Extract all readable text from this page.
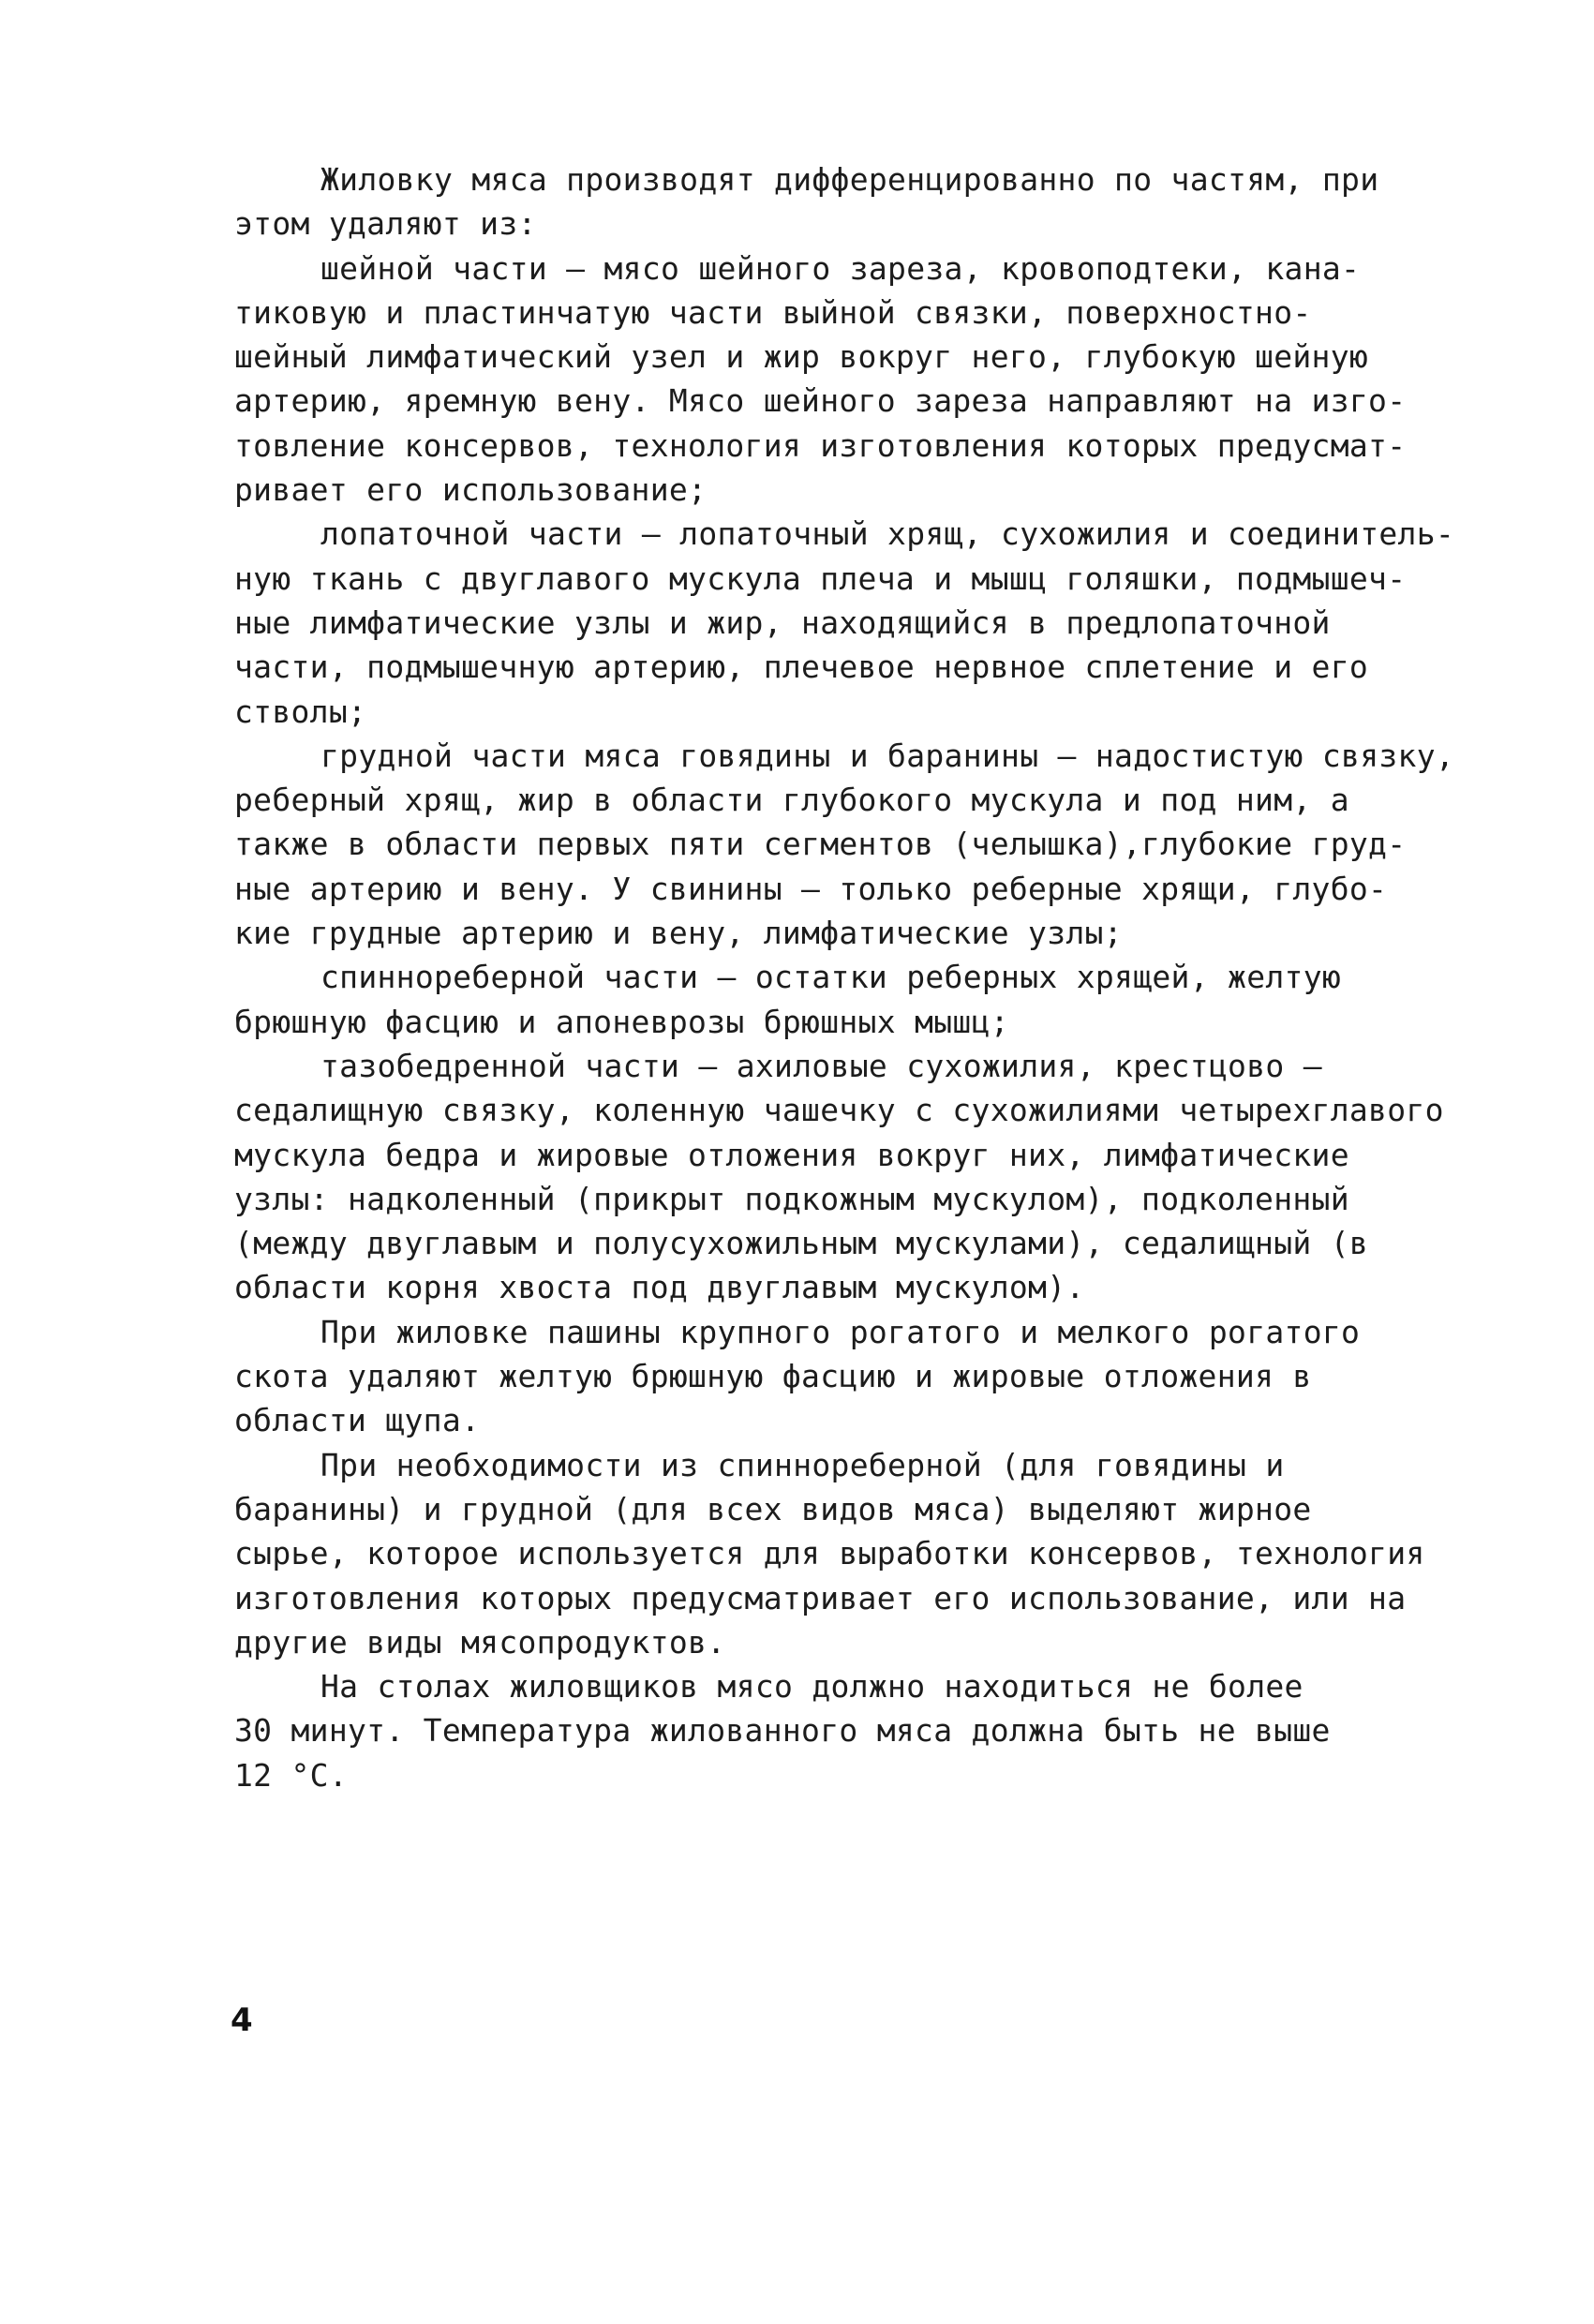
Жиловку мяса производят дифференцированно по частям, при
этом удаляют из:
шейной части – мясо шейного зареза, кровоподтеки, кана-
тиковую и пластинчатую части выйной связки, поверхностно-
шейный лимфатический узел и жир вокруг него, глубокую шейную
артерию, яремную вену. Мясо шейного зареза направляют на изго-
товление консервов, технология изготовления которых предусмат-
ривает его использование;
лопаточной части – лопаточный хрящ, сухожилия и соединитель-
ную ткань с двуглавого мускула плеча и мышц голяшки, подмышеч-
ные лимфатические узлы и жир, находящийся в предлопаточной
части, подмышечную артерию, плечевое нервное сплетение и его
стволы;
грудной части мяса говядины и баранины – надостистую связку,
реберный хрящ, жир в области глубокого мускула и под ним, а
также в области первых пяти сегментов (челышка),глубокие груд-
ные артерию и вену. У свинины – только реберные хрящи, глубо-
кие грудные артерию и вену, лимфатические узлы;
спиннореберной части – остатки реберных хрящей, желтую
брюшную фасцию и апоневрозы брюшных мышц;
тазобедренной части – ахиловые сухожилия, крестцово –
седалищную связку, коленную чашечку с сухожилиями четырехглавого
мускула бедра и жировые отложения вокруг них, лимфатические
узлы: надколенный (прикрыт подкожным мускулом), подколенный
(между двуглавым и полусухожильным мускулами), седалищный (в
области корня хвоста под двуглавым мускулом).
При жиловке пашины крупного рогатого и мелкого рогатого
скота удаляют желтую брюшную фасцию и жировые отложения в
области щупа.
При необходимости из спиннореберной (для говядины и
баранины) и грудной (для всех видов мяса) выделяют жирное
сырье, которое используется для выработки консервов, технология
изготовления которых предусматривает его использование, или на
другие виды мясопродуктов.
На столах жиловщиков мясо должно находиться не более
30 минут. Температура жилованного мяса должна быть не выше
12 °С.
4
